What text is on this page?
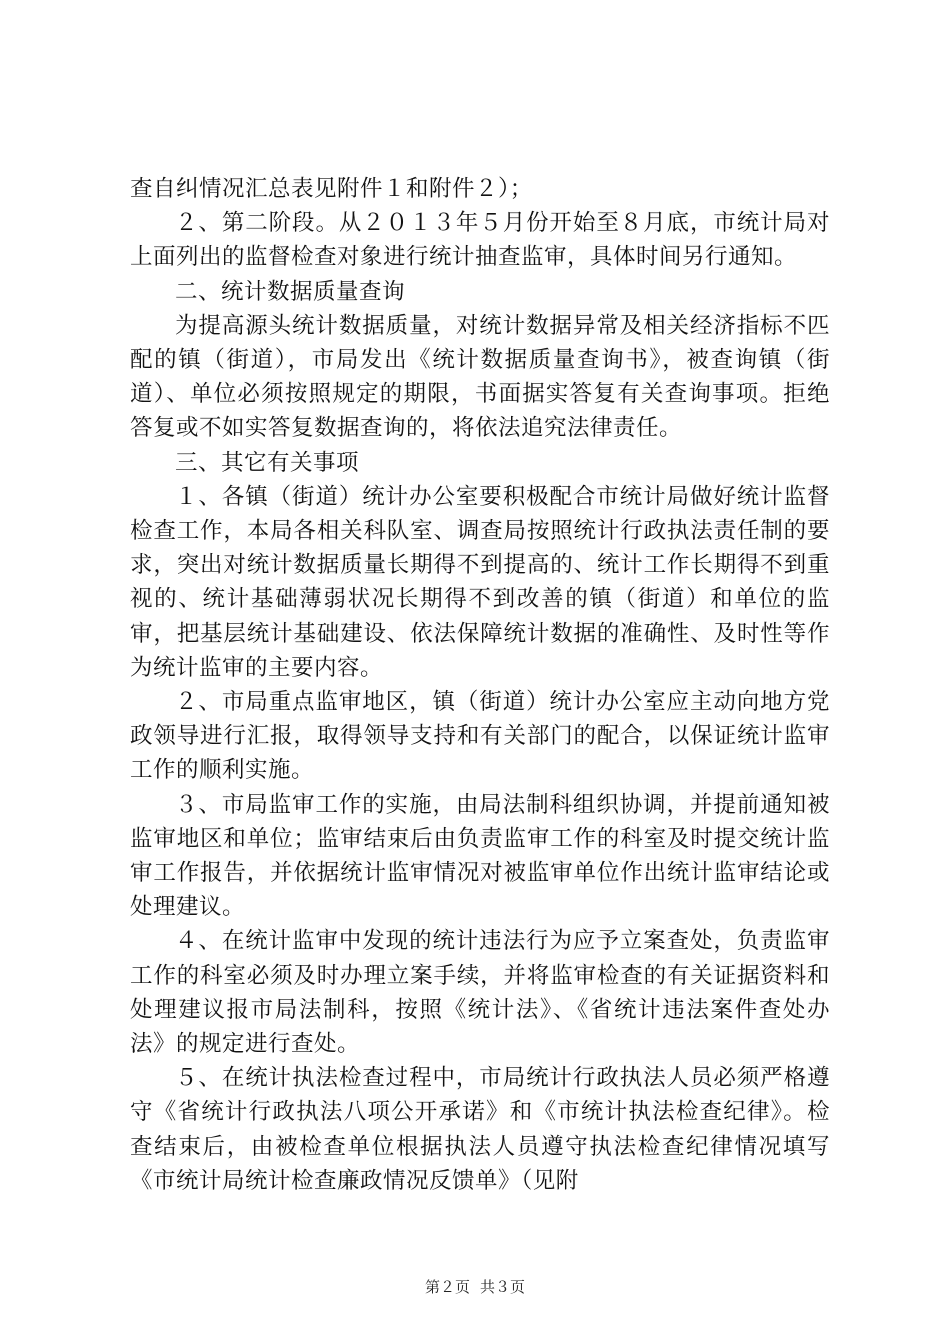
查自纠情况汇总表见附件１和附件２）；

２、第二阶段。从２０１３年５月份开始至８月底，市统计局对上面列出的监督检查对象进行统计抽查监审，具体时间另行通知。

二、统计数据质量查询

为提高源头统计数据质量，对统计数据异常及相关经济指标不匹配的镇（街道），市局发出《统计数据质量查询书》，被查询镇（街道）、单位必须按照规定的期限，书面据实答复有关查询事项。拒绝答复或不如实答复数据查询的，将依法追究法律责任。

三、其它有关事项

１、各镇（街道）统计办公室要积极配合市统计局做好统计监督检查工作，本局各相关科队室、调查局按照统计行政执法责任制的要求，突出对统计数据质量长期得不到提高的、统计工作长期得不到重视的、统计基础薄弱状况长期得不到改善的镇（街道）和单位的监审，把基层统计基础建设、依法保障统计数据的准确性、及时性等作为统计监审的主要内容。

２、市局重点监审地区，镇（街道）统计办公室应主动向地方党政领导进行汇报，取得领导支持和有关部门的配合，以保证统计监审工作的顺利实施。

３、市局监审工作的实施，由局法制科组织协调，并提前通知被监审地区和单位；监审结束后由负责监审工作的科室及时提交统计监审工作报告，并依据统计监审情况对被监审单位作出统计监审结论或处理建议。

４、在统计监审中发现的统计违法行为应予立案查处，负责监审工作的科室必须及时办理立案手续，并将监审检查的有关证据资料和处理建议报市局法制科，按照《统计法》、《省统计违法案件查处办法》的规定进行查处。

５、在统计执法检查过程中，市局统计行政执法人员必须严格遵守《省统计行政执法八项公开承诺》和《市统计执法检查纪律》。检查结束后，由被检查单位根据执法人员遵守执法检查纪律情况填写《市统计局统计检查廉政情况反馈单》（见附

第２页 共３页
